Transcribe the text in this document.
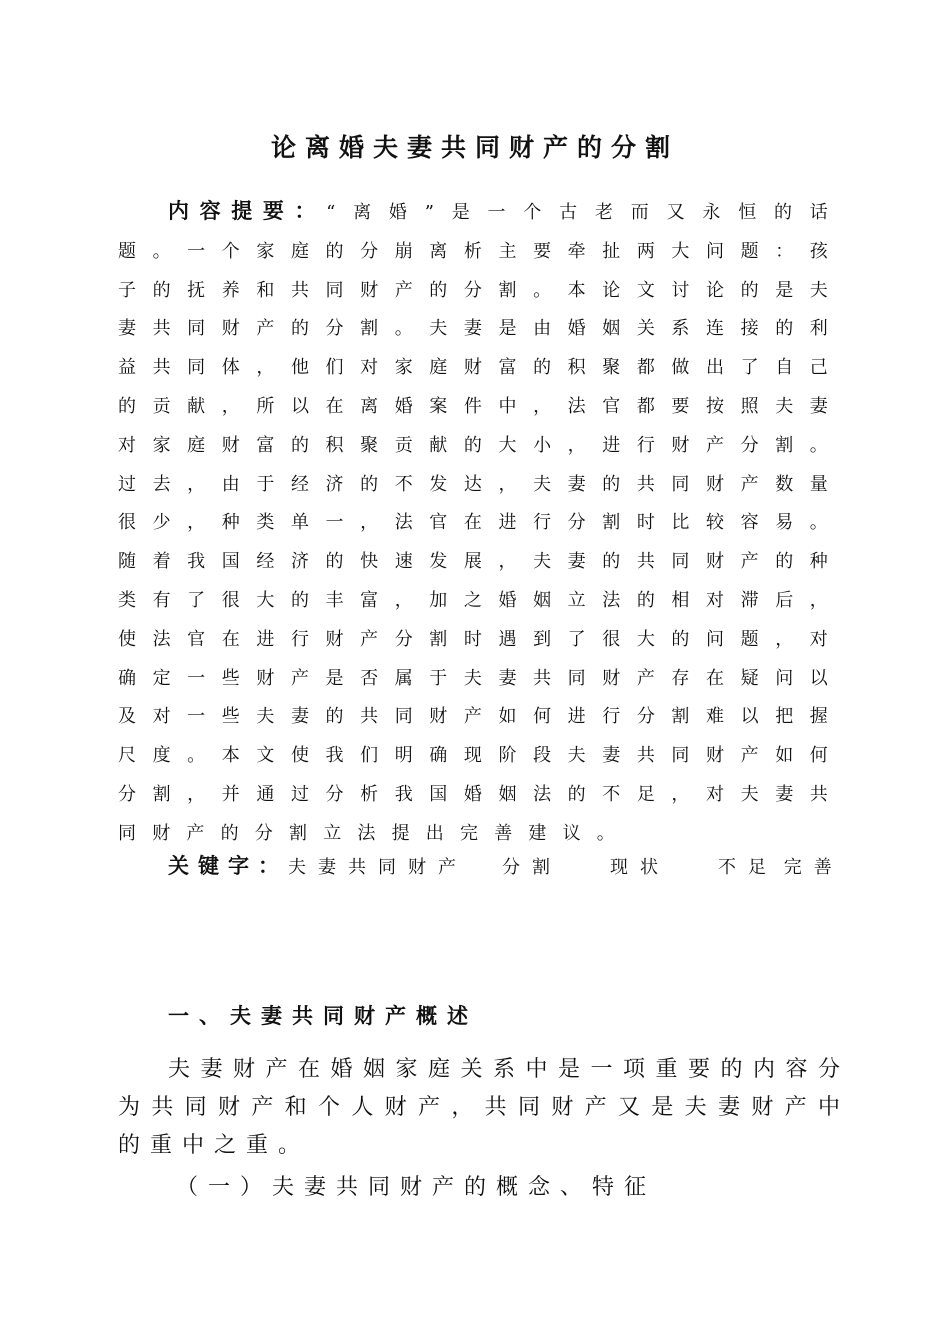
论离婚夫妻共同财产的分割

内容提要：“离婚”是一个古老而又永恒的话题。一个家庭的分崩离析主要牵扯两大问题：孩子的抚养和共同财产的分割。本论文讨论的是夫妻共同财产的分割。夫妻是由婚姻关系连接的利益共同体，他们对家庭财富的积聚都做出了自己的贡献，所以在离婚案件中，法官都要按照夫妻对家庭财富的积聚贡献的大小，进行财产分割。过去，由于经济的不发达，夫妻的共同财产数量很少，种类单一，法官在进行分割时比较容易。随着我国经济的快速发展，夫妻的共同财产的种类有了很大的丰富，加之婚姻立法的相对滞后，使法官在进行财产分割时遇到了很大的问题，对确定一些财产是否属于夫妻共同财产存在疑问以及对一些夫妻的共同财产如何进行分割难以把握尺度。本文使我们明确现阶段夫妻共同财产如何分割，并通过分析我国婚姻法的不足，对夫妻共同财产的分割立法提出完善建议。

关键字：夫妻共同财产 分割	现状	不足 完善

一、夫妻共同财产概述

夫妻财产在婚姻家庭关系中是一项重要的内容分为共同财产和个人财产，共同财产又是夫妻财产中的重中之重。

（一）夫妻共同财产的概念、特征
